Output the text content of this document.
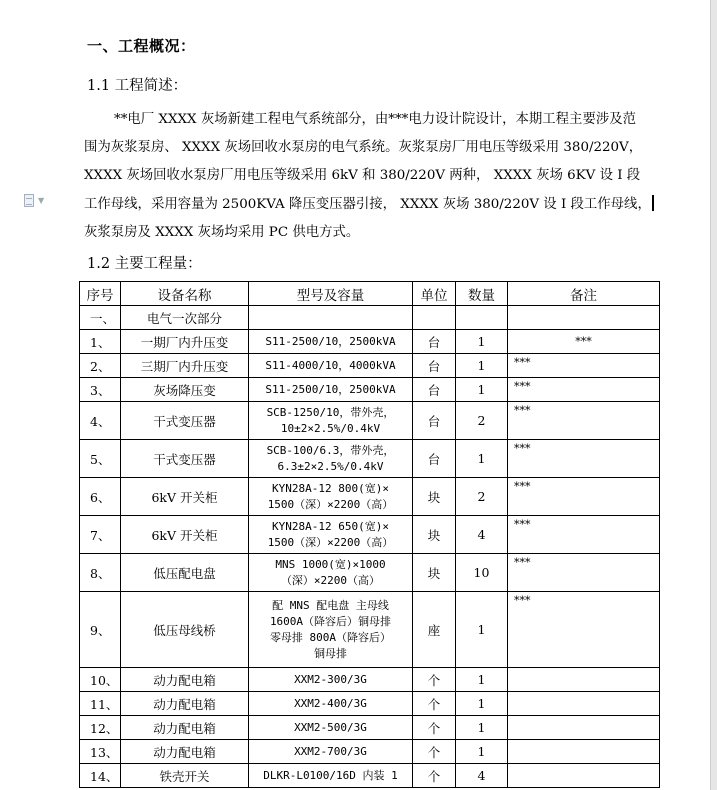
▼
一、工程概况：
1.1 工程简述：
**电厂 XXXX 灰场新建工程电气系统部分，由***电力设计院设计，本期工程主要涉及范
围为灰浆泵房、 XXXX 灰场回收水泵房的电气系统。灰浆泵房厂用电压等级采用 380/220V，
XXXX 灰场回收水泵房厂用电压等级采用 6kV 和 380/220V 两种， XXXX 灰场 6KV 设 I 段
工作母线，采用容量为 2500KVA 降压变压器引接， XXXX 灰场 380/220V 设 I 段工作母线，
灰浆泵房及 XXXX 灰场均采用 PC 供电方式。
1.2 主要工程量：
序号	设备名称	型号及容量	单位	数量	备注
一、	电气一次部分				
1、	一期厂内升压变	S11-2500/10，2500kVA	台	1	***
2、	三期厂内升压变	S11-4000/10，4000kVA	台	1	***
3、	灰场降压变	S11-2500/10，2500kVA	台	1	***
4、	干式变压器	SCB-1250/10，带外壳，
10±2×2.5%/0.4kV	台	2	***
5、	干式变压器	SCB-100/6.3，带外壳，
6.3±2×2.5%/0.4kV	台	1	***
6、	6kV 开关柜	KYN28A-12 800(宽)×
1500（深）×2200（高）	块	2	***
7、	6kV 开关柜	KYN28A-12 650(宽)×
1500（深）×2200（高）	块	4	***
8、	低压配电盘	MNS 1000(宽)×1000
（深）×2200（高）	块	10	***
9、	低压母线桥	配 MNS 配电盘 主母线
1600A（降容后）铜母排
零母排 800A（降容后）
铜母排	座	1	***
10、	动力配电箱	XXM2-300/3G	个	1	
11、	动力配电箱	XXM2-400/3G	个	1	
12、	动力配电箱	XXM2-500/3G	个	1	
13、	动力配电箱	XXM2-700/3G	个	1	
14、	铁壳开关	DLKR-L0100/16D 内装 1	个	4	
